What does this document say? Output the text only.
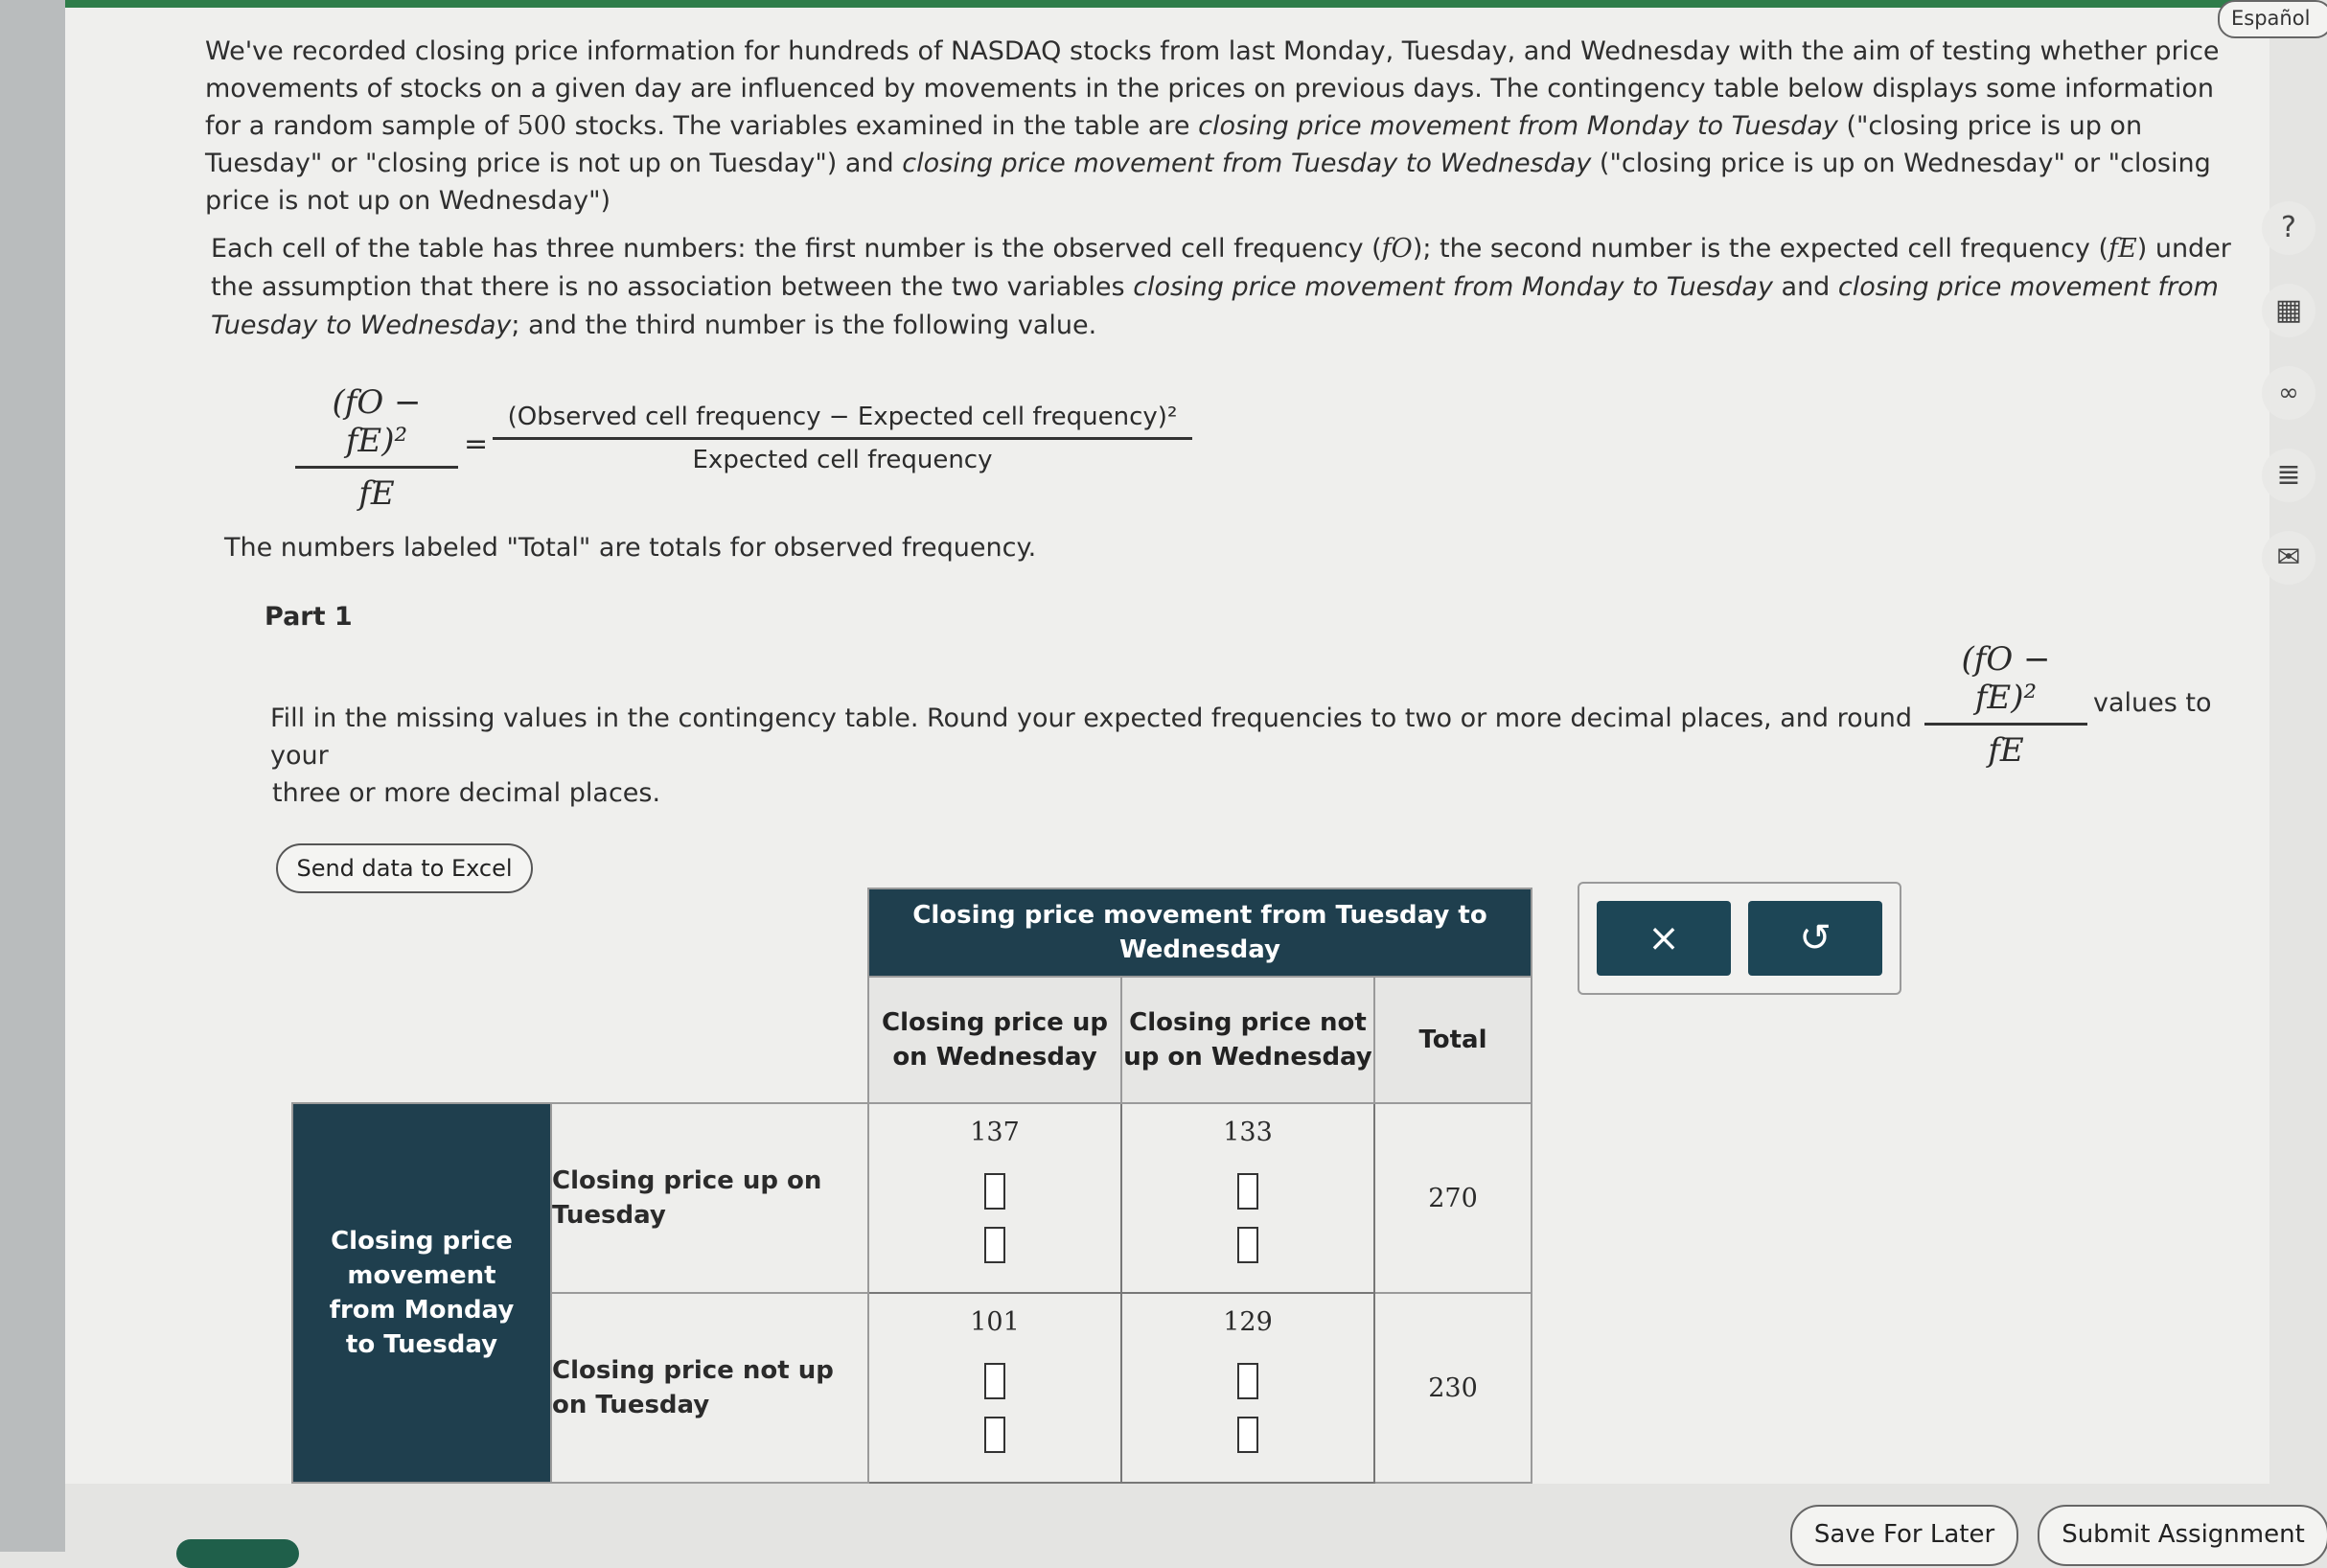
We've recorded closing price information for hundreds of NASDAQ stocks from last Monday, Tuesday, and Wednesday with the aim of testing whether price movements of stocks on a given day are influenced by movements in the prices on previous days. The contingency table below displays some information for a random sample of 500 stocks. The variables examined in the table are closing price movement from Monday to Tuesday ("closing price is up on Tuesday" or "closing price is not up on Tuesday") and closing price movement from Tuesday to Wednesday ("closing price is up on Wednesday" or "closing price is not up on Wednesday")
Each cell of the table has three numbers: the first number is the observed cell frequency (fO); the second number is the expected cell frequency (fE) under the assumption that there is no association between the two variables closing price movement from Monday to Tuesday and closing price movement from Tuesday to Wednesday; and the third number is the following value.
$\frac{\text{(fO − fE)²}}{fE}$ =
(Observed cell frequency − Expected cell frequency)²
Expected cell frequency
The numbers labeled "Total" are totals for observed frequency.
Part 1
Fill in the missing values in the contingency table. Round your expected frequencies to two or more decimal places, and round your
(fO − fE)²
fE
values to
three or more decimal places.
Send data to Excel
		Closing price movement from Tuesday to Wednesday		
		Closing price up on Wednesday	Closing price not up on Wednesday	Total
Closing price movement from Monday to Tuesday	Closing price up on Tuesday	137	133	270
	Closing price not up on Tuesday	101	129	230
×	↺
Español
?
▦
∞
≣
✉
Save For Later	Submit Assignment
